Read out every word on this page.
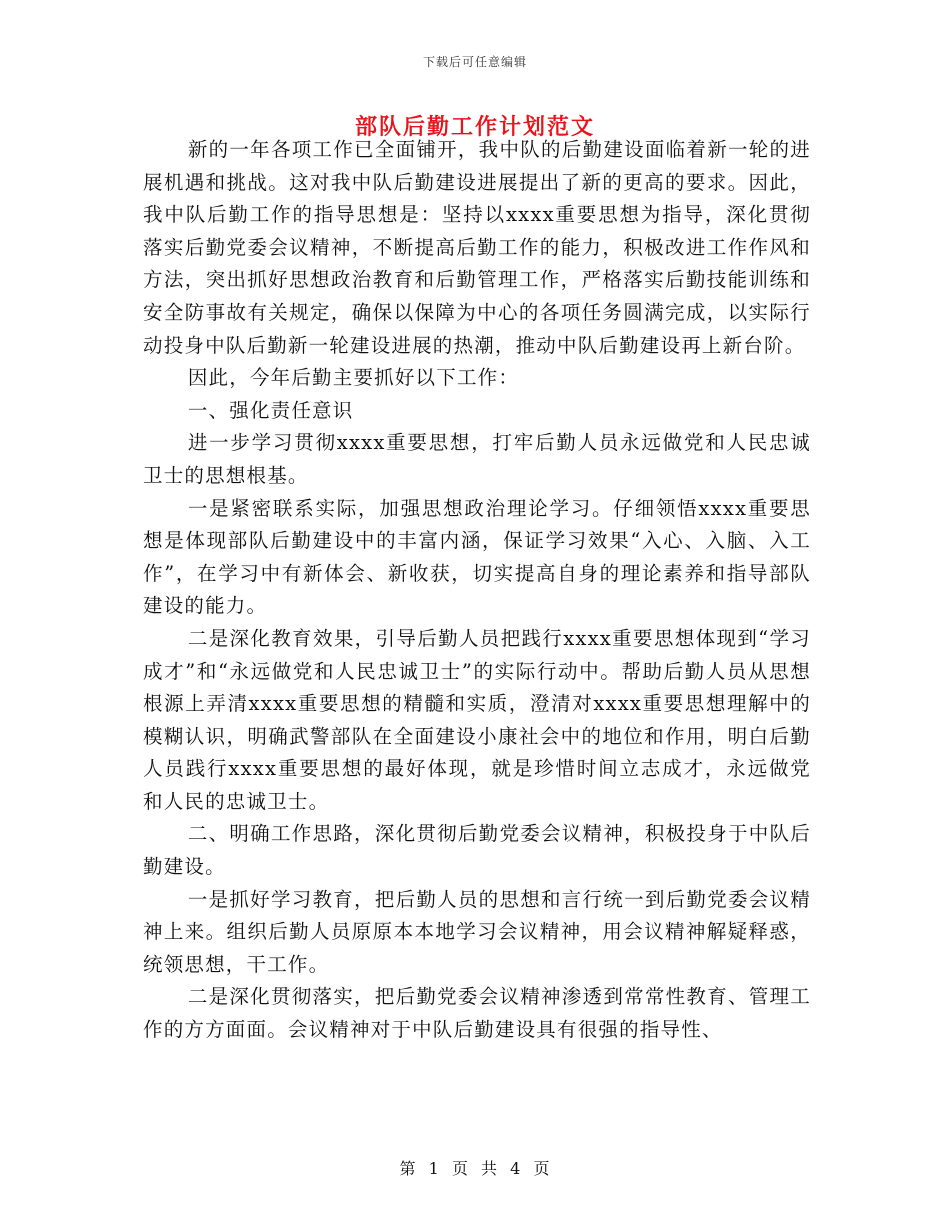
下载后可任意编辑
部队后勤工作计划范文

新的一年各项工作已全面铺开，我中队的后勤建设面临着新一轮的进展机遇和挑战。这对我中队后勤建设进展提出了新的更高的要求。因此，我中队后勤工作的指导思想是：坚持以xxxx重要思想为指导，深化贯彻落实后勤党委会议精神，不断提高后勤工作的能力，积极改进工作作风和方法，突出抓好思想政治教育和后勤管理工作，严格落实后勤技能训练和安全防事故有关规定，确保以保障为中心的各项任务圆满完成，以实际行动投身中队后勤新一轮建设进展的热潮，推动中队后勤建设再上新台阶。

因此，今年后勤主要抓好以下工作：

一、强化责任意识

进一步学习贯彻xxxx重要思想，打牢后勤人员永远做党和人民忠诚卫士的思想根基。

一是紧密联系实际，加强思想政治理论学习。仔细领悟xxxx重要思想是体现部队后勤建设中的丰富内涵，保证学习效果“入心、入脑、入工作”，在学习中有新体会、新收获，切实提高自身的理论素养和指导部队建设的能力。

二是深化教育效果，引导后勤人员把践行xxxx重要思想体现到“学习成才”和“永远做党和人民忠诚卫士”的实际行动中。帮助后勤人员从思想根源上弄清xxxx重要思想的精髓和实质，澄清对xxxx重要思想理解中的模糊认识，明确武警部队在全面建设小康社会中的地位和作用，明白后勤人员践行xxxx重要思想的最好体现，就是珍惜时间立志成才，永远做党和人民的忠诚卫士。

二、明确工作思路，深化贯彻后勤党委会议精神，积极投身于中队后勤建设。

一是抓好学习教育，把后勤人员的思想和言行统一到后勤党委会议精神上来。组织后勤人员原原本本地学习会议精神，用会议精神解疑释惑，统领思想，干工作。

二是深化贯彻落实，把后勤党委会议精神渗透到常常性教育、管理工作的方方面面。会议精神对于中队后勤建设具有很强的指导性、

第 1 页 共 4 页
